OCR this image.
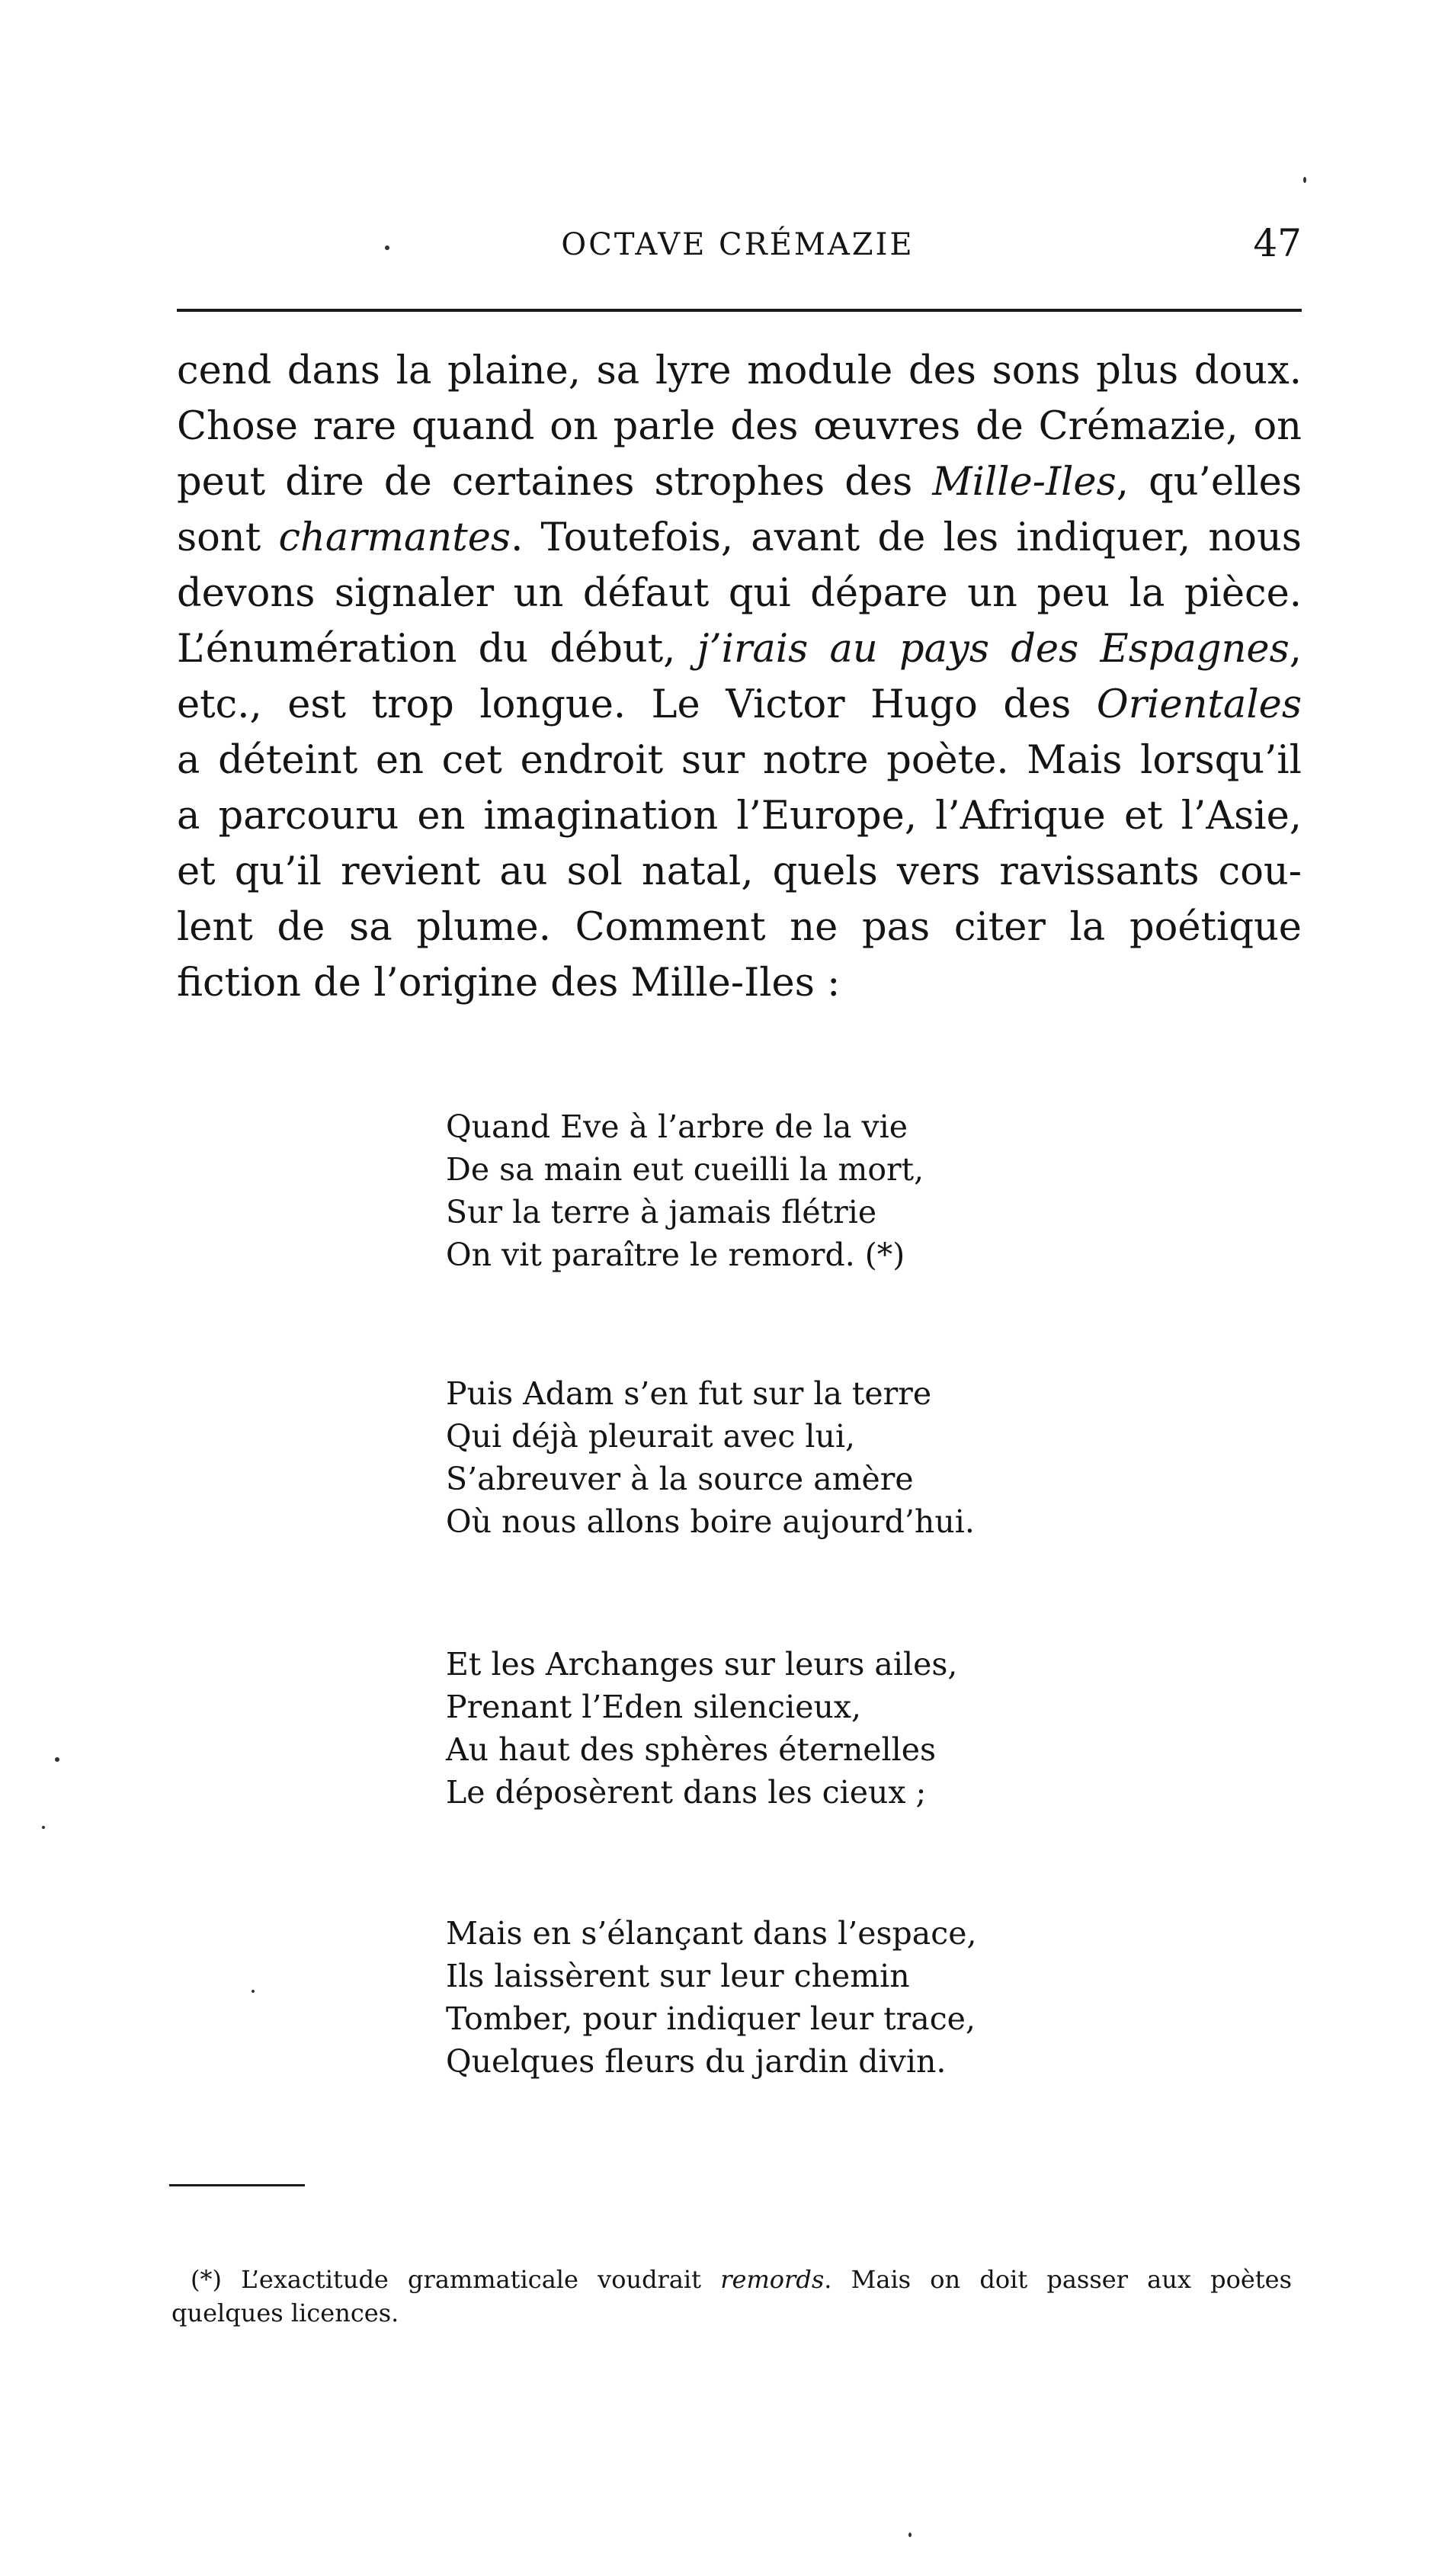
OCTAVE CRÉMAZIE	47
cend dans la plaine, sa lyre module des sons plus doux.
Chose rare quand on parle des œuvres de Crémazie, on
peut dire de certaines strophes des Mille-Iles, qu’elles
sont charmantes. Toutefois, avant de les indiquer, nous
devons signaler un défaut qui dépare un peu la pièce.
L’énumération du début, j’irais au pays des Espagnes,
etc., est trop longue. Le Victor Hugo des Orientales
a déteint en cet endroit sur notre poète. Mais lorsqu’il
a parcouru en imagination l’Europe, l’Afrique et l’Asie,
et qu’il revient au sol natal, quels vers ravissants cou-
lent de sa plume. Comment ne pas citer la poétique
fiction de l’origine des Mille-Iles :
Quand Eve à l’arbre de la vie
De sa main eut cueilli la mort,
Sur la terre à jamais flétrie
On vit paraître le remord. (*)
Puis Adam s’en fut sur la terre
Qui déjà pleurait avec lui,
S’abreuver à la source amère
Où nous allons boire aujourd’hui.
Et les Archanges sur leurs ailes,
Prenant l’Eden silencieux,
Au haut des sphères éternelles
Le déposèrent dans les cieux ;
Mais en s’élançant dans l’espace,
Ils laissèrent sur leur chemin
Tomber, pour indiquer leur trace,
Quelques fleurs du jardin divin.
(*) L’exactitude grammaticale voudrait remords. Mais on doit passer aux poètes
quelques licences.
